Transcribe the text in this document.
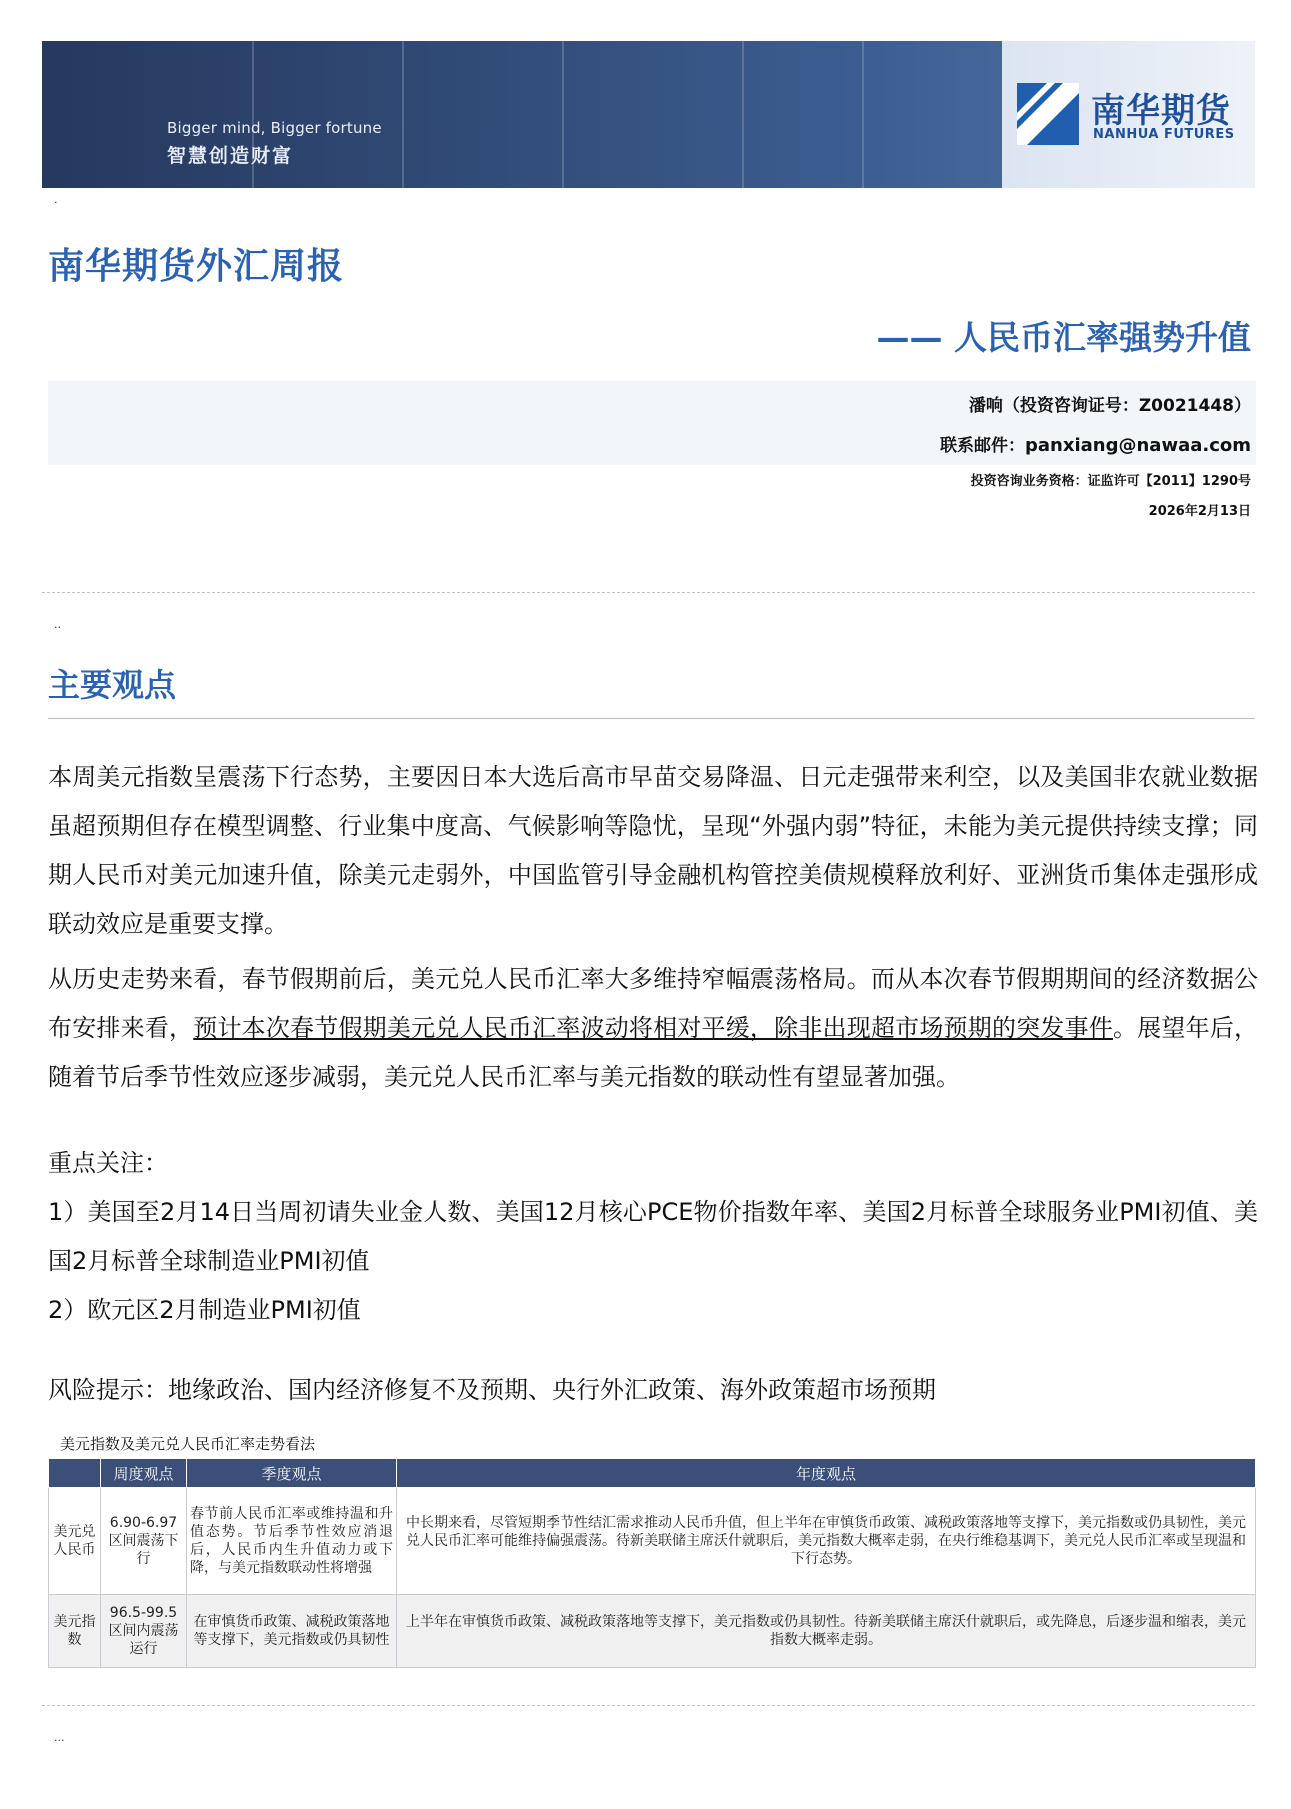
Bigger mind, Bigger fortune
智慧创造财富
南华期货
NANHUA FUTURES
.
南华期货外汇周报
—— 人民币汇率强势升值
潘响（投资咨询证号：Z0021448）
联系邮件：panxiang@nawaa.com
投资咨询业务资格：证监许可【2011】1290号
2026年2月13日
..
主要观点
本周美元指数呈震荡下行态势，主要因日本大选后高市早苗交易降温、日元走强带来利空，以及美国非农就业数据虽超预期但存在模型调整、行业集中度高、气候影响等隐忧，呈现“外强内弱”特征，未能为美元提供持续支撑；同期人民币对美元加速升值，除美元走弱外，中国监管引导金融机构管控美债规模释放利好、亚洲货币集体走强形成联动效应是重要支撑。
从历史走势来看，春节假期前后，美元兑人民币汇率大多维持窄幅震荡格局。而从本次春节假期期间的经济数据公布安排来看，预计本次春节假期美元兑人民币汇率波动将相对平缓，除非出现超市场预期的突发事件。展望年后，随着节后季节性效应逐步减弱，美元兑人民币汇率与美元指数的联动性有望显著加强。
重点关注：
1）美国至2月14日当周初请失业金人数、美国12月核心PCE物价指数年率、美国2月标普全球服务业PMI初值、美国2月标普全球制造业PMI初值
2）欧元区2月制造业PMI初值
风险提示：地缘政治、国内经济修复不及预期、央行外汇政策、海外政策超市场预期
美元指数及美元兑人民币汇率走势看法
	周度观点	季度观点	年度观点
美元兑人民币	6.90-6.97区间震荡下行	春节前人民币汇率或维持温和升值态势。节后季节性效应消退后，人民币内生升值动力或下降，与美元指数联动性将增强	中长期来看，尽管短期季节性结汇需求推动人民币升值，但上半年在审慎货币政策、减税政策落地等支撑下，美元指数或仍具韧性，美元兑人民币汇率可能维持偏强震荡。待新美联储主席沃什就职后，美元指数大概率走弱，在央行维稳基调下，美元兑人民币汇率或呈现温和下行态势。
美元指数	96.5-99.5区间内震荡运行	在审慎货币政策、减税政策落地等支撑下，美元指数或仍具韧性	上半年在审慎货币政策、减税政策落地等支撑下，美元指数或仍具韧性。待新美联储主席沃什就职后，或先降息，后逐步温和缩表，美元指数大概率走弱。
...
